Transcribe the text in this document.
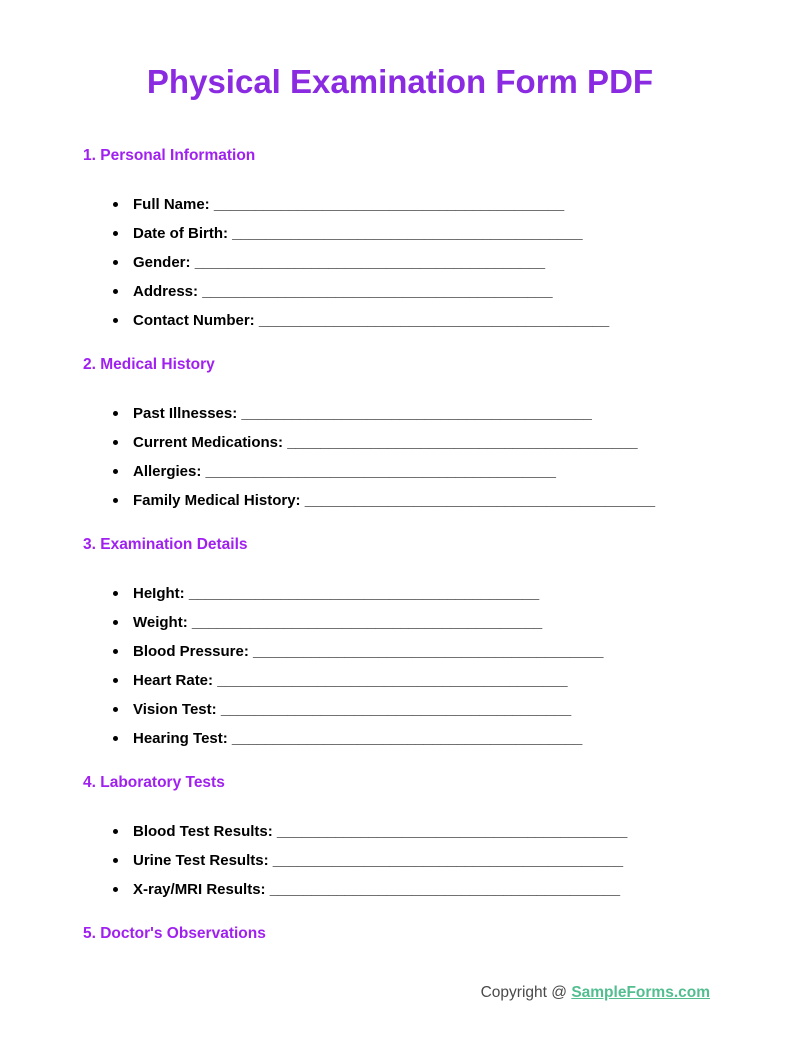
Physical Examination Form PDF
1. Personal Information
Full Name: __________________________________________
Date of Birth: __________________________________________
Gender: __________________________________________
Address: __________________________________________
Contact Number: __________________________________________
2. Medical History
Past Illnesses: __________________________________________
Current Medications: __________________________________________
Allergies: __________________________________________
Family Medical History: __________________________________________
3. Examination Details
HeIght: __________________________________________
Weight: __________________________________________
Blood Pressure: __________________________________________
Heart Rate: __________________________________________
Vision Test: __________________________________________
Hearing Test: __________________________________________
4. Laboratory Tests
Blood Test Results: __________________________________________
Urine Test Results: __________________________________________
X-ray/MRI Results: __________________________________________
5. Doctor's Observations
Copyright @ SampleForms.com
